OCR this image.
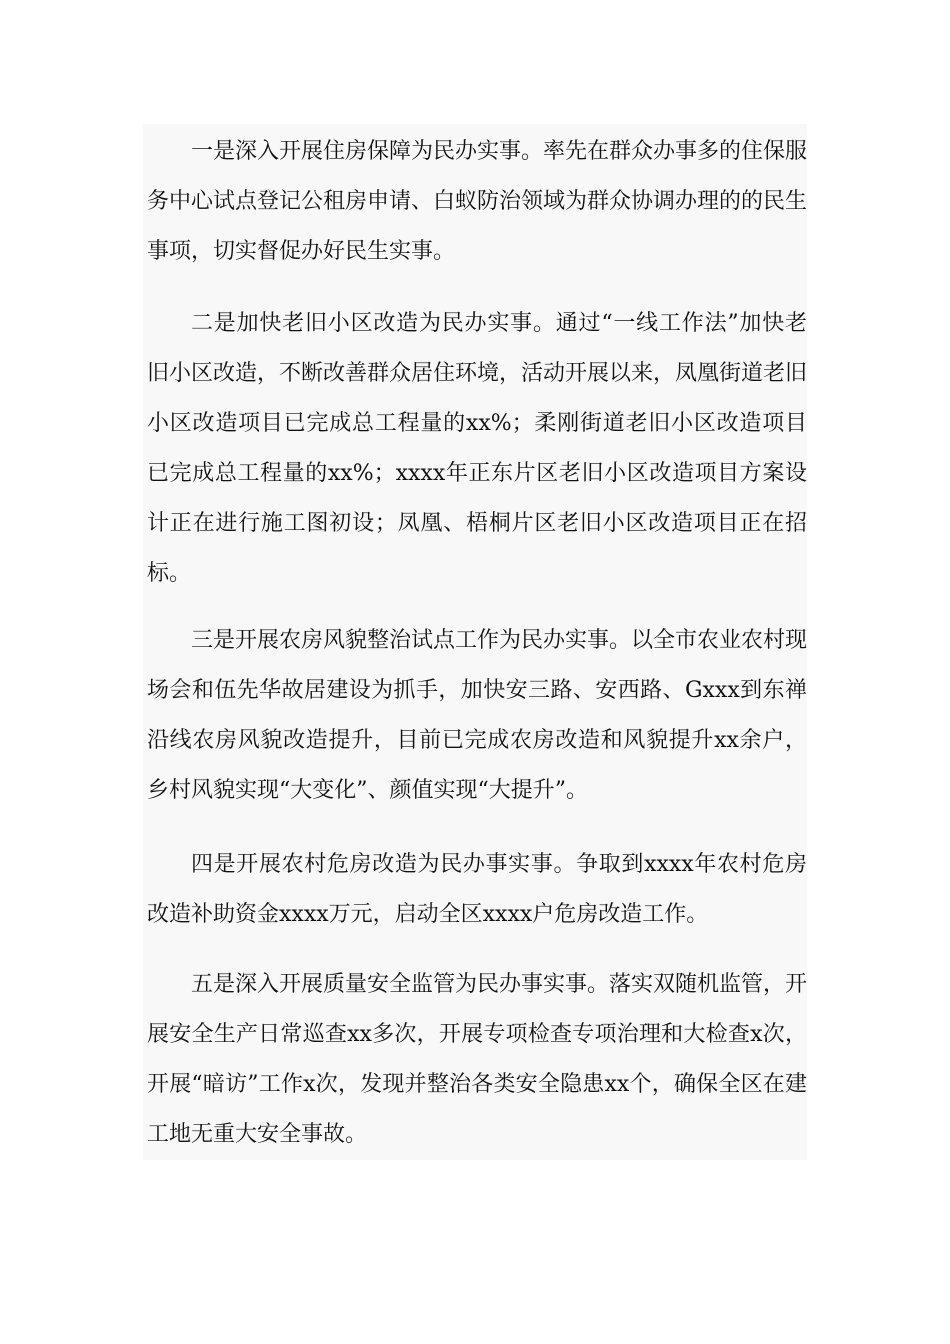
一是深入开展住房保障为民办实事。率先在群众办事多的住保服务中心试点登记公租房申请、白蚁防治领域为群众协调办理的的民生事项，切实督促办好民生实事。

二是加快老旧小区改造为民办实事。通过“一线工作法”加快老旧小区改造，不断改善群众居住环境，活动开展以来，凤凰街道老旧小区改造项目已完成总工程量的xx%；柔刚街道老旧小区改造项目已完成总工程量的xx%；xxxx年正东片区老旧小区改造项目方案设计正在进行施工图初设；凤凰、梧桐片区老旧小区改造项目正在招标。

三是开展农房风貌整治试点工作为民办实事。以全市农业农村现场会和伍先华故居建设为抓手，加快安三路、安西路、Gxxx到东禅沿线农房风貌改造提升，目前已完成农房改造和风貌提升xx余户，乡村风貌实现“大变化”、颜值实现“大提升”。

四是开展农村危房改造为民办事实事。争取到xxxx年农村危房改造补助资金xxxx万元，启动全区xxxx户危房改造工作。

五是深入开展质量安全监管为民办事实事。落实双随机监管，开展安全生产日常巡查xx多次，开展专项检查专项治理和大检查x次，开展“暗访”工作x次，发现并整治各类安全隐患xx个，确保全区在建工地无重大安全事故。
